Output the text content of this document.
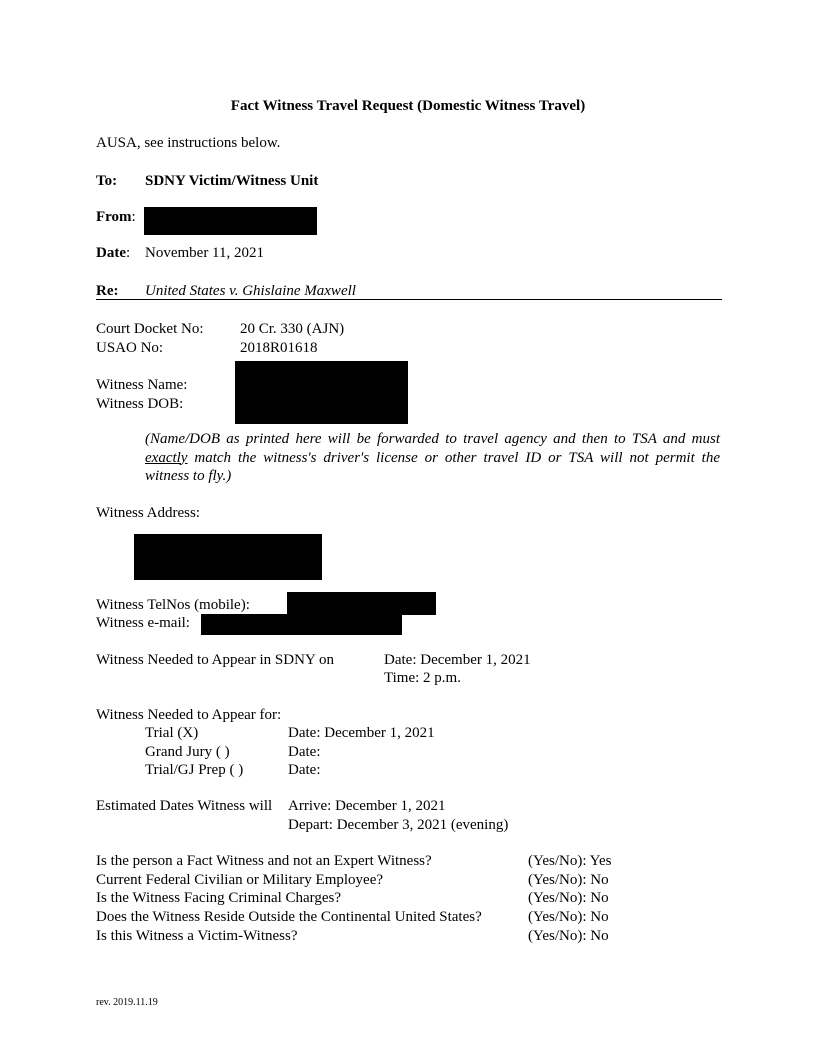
Fact Witness Travel Request (Domestic Witness Travel)
AUSA, see instructions below.
To: SDNY Victim/Witness Unit
From:
Date: November 11, 2021
Re: United States v. Ghislaine Maxwell
Court Docket No: 20 Cr. 330 (AJN)
USAO No:	2018R01618
Witness Name:
Witness DOB:
(Name/DOB as printed here will be forwarded to travel agency and then to TSA and must exactly match the witness's driver's license or other travel ID or TSA will not permit the witness to fly.)
Witness Address:
Witness TelNos (mobile):
Witness e-mail:
Witness Needed to Appear in SDNY on	Date: December 1, 2021
Time: 2 p.m.
Witness Needed to Appear for:
Trial (X)	Date: December 1, 2021
Grand Jury ( )	Date:
Trial/GJ Prep ( )	Date:
Estimated Dates Witness will Arrive: December 1, 2021
Depart: December 3, 2021 (evening)
Is the person a Fact Witness and not an Expert Witness?	(Yes/No): Yes
Current Federal Civilian or Military Employee?	(Yes/No): No
Is the Witness Facing Criminal Charges?	(Yes/No): No
Does the Witness Reside Outside the Continental United States?	(Yes/No): No
Is this Witness a Victim-Witness?	(Yes/No): No
rev. 2019.11.19
